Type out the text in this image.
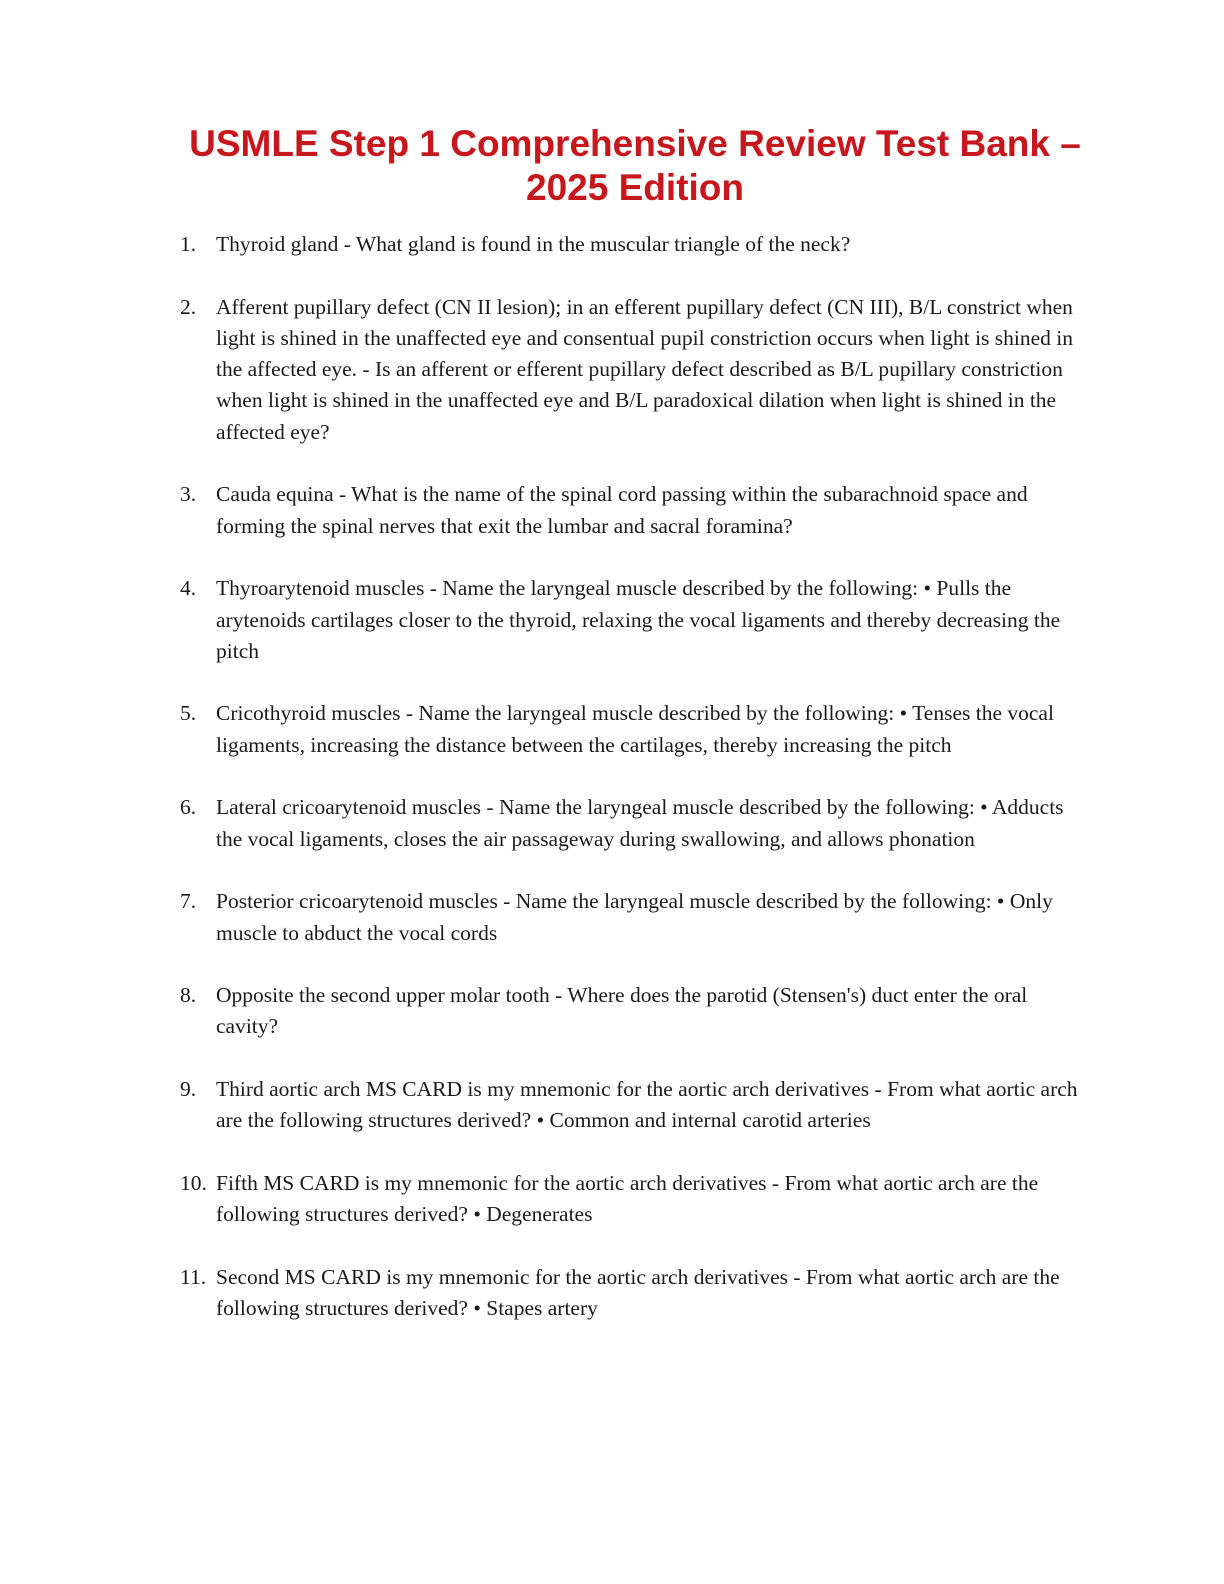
USMLE Step 1 Comprehensive Review Test Bank – 2025 Edition
1. Thyroid gland - What gland is found in the muscular triangle of the neck?
2. Afferent pupillary defect (CN II lesion); in an efferent pupillary defect (CN III), B/L constrict when light is shined in the unaffected eye and consentual pupil constriction occurs when light is shined in the affected eye. - Is an afferent or efferent pupillary defect described as B/L pupillary constriction when light is shined in the unaffected eye and B/L paradoxical dilation when light is shined in the affected eye?
3. Cauda equina - What is the name of the spinal cord passing within the subarachnoid space and forming the spinal nerves that exit the lumbar and sacral foramina?
4. Thyroarytenoid muscles - Name the laryngeal muscle described by the following: • Pulls the arytenoids cartilages closer to the thyroid, relaxing the vocal ligaments and thereby decreasing the pitch
5. Cricothyroid muscles - Name the laryngeal muscle described by the following: • Tenses the vocal ligaments, increasing the distance between the cartilages, thereby increasing the pitch
6. Lateral cricoarytenoid muscles - Name the laryngeal muscle described by the following: • Adducts the vocal ligaments, closes the air passageway during swallowing, and allows phonation
7. Posterior cricoarytenoid muscles - Name the laryngeal muscle described by the following: • Only muscle to abduct the vocal cords
8. Opposite the second upper molar tooth - Where does the parotid (Stensen's) duct enter the oral cavity?
9. Third aortic arch MS CARD is my mnemonic for the aortic arch derivatives - From what aortic arch are the following structures derived? • Common and internal carotid arteries
10. Fifth MS CARD is my mnemonic for the aortic arch derivatives - From what aortic arch are the following structures derived? • Degenerates
11. Second MS CARD is my mnemonic for the aortic arch derivatives - From what aortic arch are the following structures derived? • Stapes artery
